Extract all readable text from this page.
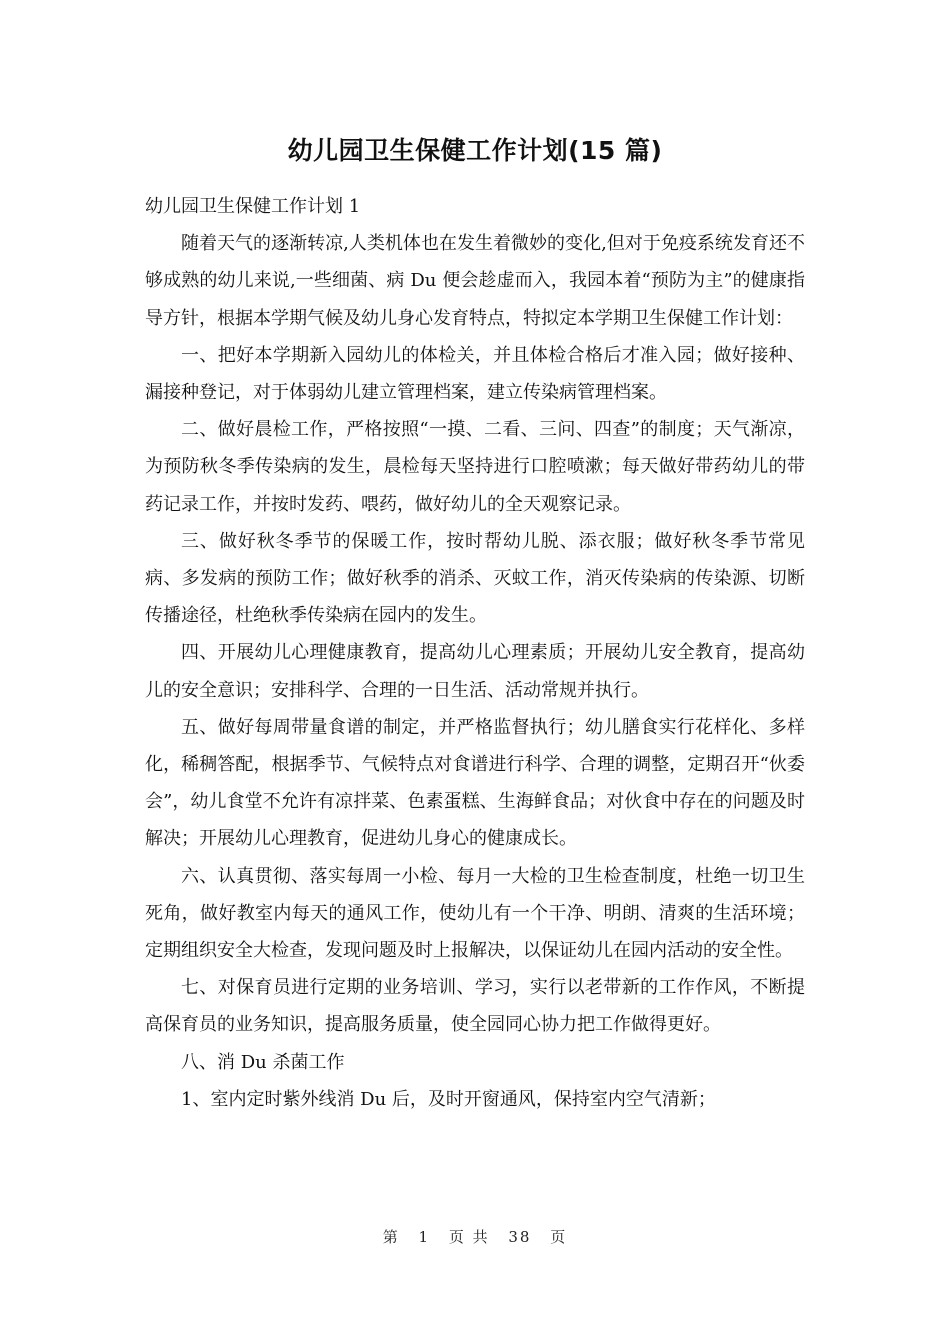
幼儿园卫生保健工作计划(15 篇)

幼儿园卫生保健工作计划 1

随着天气的逐渐转凉,人类机体也在发生着微妙的变化,但对于免疫系统发育还不够成熟的幼儿来说,一些细菌、病 Du 便会趁虚而入，我园本着“预防为主”的健康指导方针，根据本学期气候及幼儿身心发育特点，特拟定本学期卫生保健工作计划：

一、把好本学期新入园幼儿的体检关，并且体检合格后才准入园；做好接种、漏接种登记，对于体弱幼儿建立管理档案，建立传染病管理档案。

二、做好晨检工作，严格按照“一摸、二看、三问、四查”的制度；天气渐凉，为预防秋冬季传染病的发生，晨检每天坚持进行口腔喷漱；每天做好带药幼儿的带药记录工作，并按时发药、喂药，做好幼儿的全天观察记录。

三、做好秋冬季节的保暖工作，按时帮幼儿脱、添衣服；做好秋冬季节常见病、多发病的预防工作；做好秋季的消杀、灭蚊工作，消灭传染病的传染源、切断传播途径，杜绝秋季传染病在园内的发生。

四、开展幼儿心理健康教育，提高幼儿心理素质；开展幼儿安全教育，提高幼儿的安全意识；安排科学、合理的一日生活、活动常规并执行。

五、做好每周带量食谱的制定，并严格监督执行；幼儿膳食实行花样化、多样化，稀稠答配，根据季节、气候特点对食谱进行科学、合理的调整，定期召开“伙委会”，幼儿食堂不允许有凉拌菜、色素蛋糕、生海鲜食品；对伙食中存在的问题及时解决；开展幼儿心理教育，促进幼儿身心的健康成长。

六、认真贯彻、落实每周一小检、每月一大检的卫生检查制度，杜绝一切卫生死角，做好教室内每天的通风工作，使幼儿有一个干净、明朗、清爽的生活环境；定期组织安全大检查，发现问题及时上报解决，以保证幼儿在园内活动的安全性。

七、对保育员进行定期的业务培训、学习，实行以老带新的工作作风，不断提高保育员的业务知识，提高服务质量，使全园同心协力把工作做得更好。

八、消 Du 杀菌工作

1、室内定时紫外线消 Du 后，及时开窗通风，保持室内空气清新；

第 1 页 共 38 页
